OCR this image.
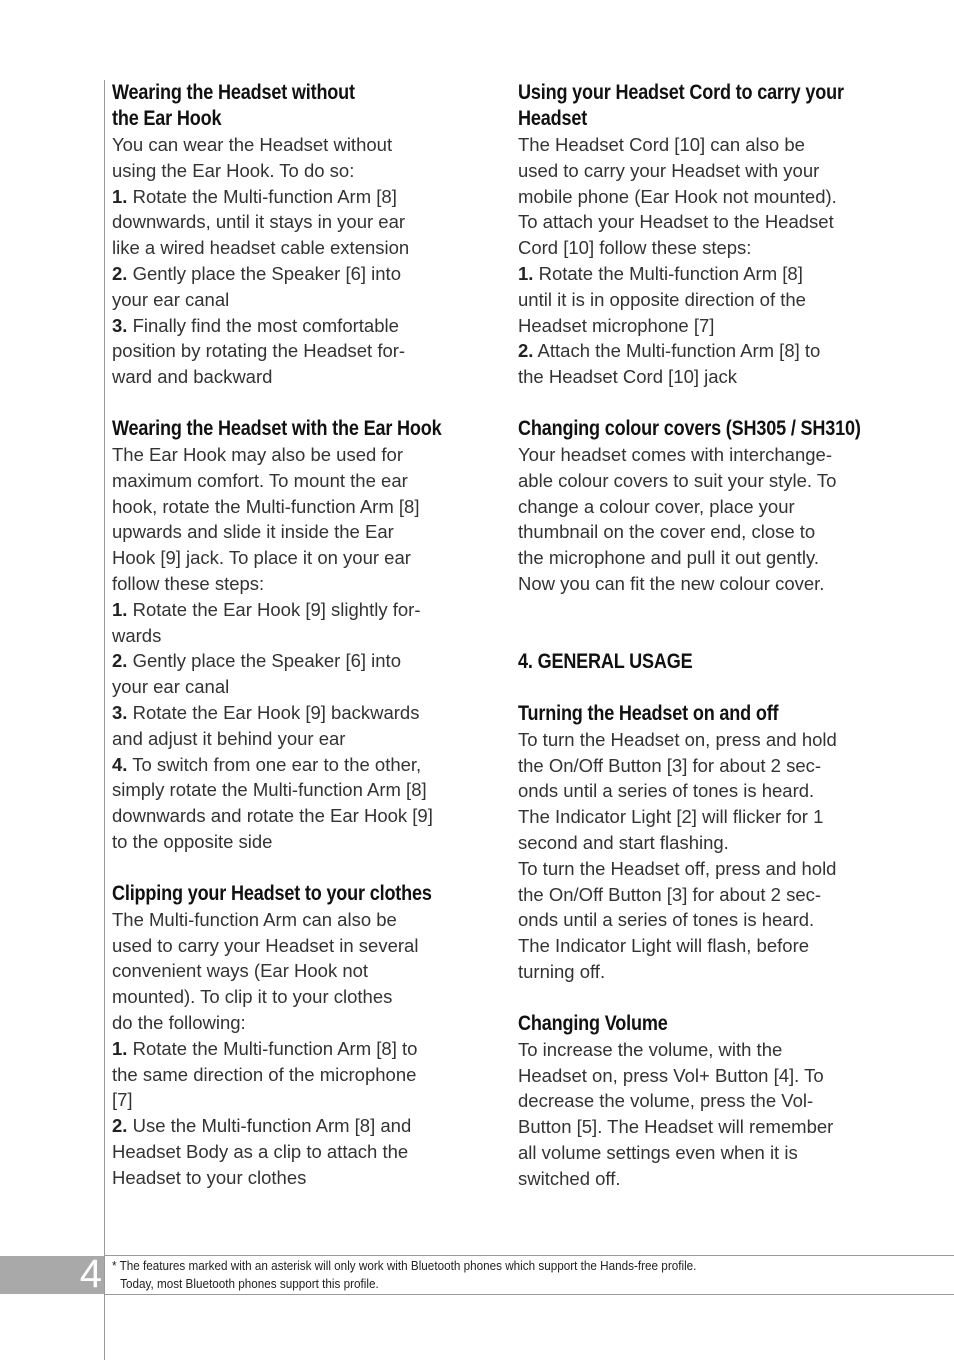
Wearing the Headset without
the Ear Hook
You can wear the Headset without
using the Ear Hook. To do so:
1. Rotate the Multi-function Arm [8]
downwards, until it stays in your ear
like a wired headset cable extension
2. Gently place the Speaker [6] into
your ear canal
3. Finally find the most comfortable
position by rotating the Headset for-
ward and backward
Wearing the Headset with the Ear Hook
The Ear Hook may also be used for
maximum comfort. To mount the ear
hook, rotate the Multi-function Arm [8]
upwards and slide it inside the Ear
Hook [9] jack. To place it on your ear
follow these steps:
1. Rotate the Ear Hook [9] slightly for-
wards
2. Gently place the Speaker [6] into
your ear canal
3. Rotate the Ear Hook [9] backwards
and adjust it behind your ear
4. To switch from one ear to the other,
simply rotate the Multi-function Arm [8]
downwards and rotate the Ear Hook [9]
to the opposite side
Clipping your Headset to your clothes
The Multi-function Arm can also be
used to carry your Headset in several
convenient ways (Ear Hook not
mounted). To clip it to your clothes
do the following:
1. Rotate the Multi-function Arm [8] to
the same direction of the microphone
[7]
2. Use the Multi-function Arm [8] and
Headset Body as a clip to attach the
Headset to your clothes
Using your Headset Cord to carry your
Headset
The Headset Cord [10] can also be
used to carry your Headset with your
mobile phone (Ear Hook not mounted).
To attach your Headset to the Headset
Cord [10] follow these steps:
1. Rotate the Multi-function Arm [8]
until it is in opposite direction of the
Headset microphone [7]
2. Attach the Multi-function Arm [8] to
the Headset Cord [10] jack
Changing colour covers (SH305 / SH310)
Your headset comes with interchange-
able colour covers to suit your style. To
change a colour cover, place your
thumbnail on the cover end, close to
the microphone and pull it out gently.
Now you can fit the new colour cover.
4. GENERAL USAGE
Turning the Headset on and off
To turn the Headset on, press and hold
the On/Off Button [3] for about 2 sec-
onds until a series of tones is heard.
The Indicator Light [2] will flicker for 1
second and start flashing.
To turn the Headset off, press and hold
the On/Off Button [3] for about 2 sec-
onds until a series of tones is heard.
The Indicator Light will flash, before
turning off.
Changing Volume
To increase the volume, with the
Headset on, press Vol+ Button [4]. To
decrease the volume, press the Vol-
Button [5]. The Headset will remember
all volume settings even when it is
switched off.
4 * The features marked with an asterisk will only work with Bluetooth phones which support the Hands-free profile.
Today, most Bluetooth phones support this profile.
